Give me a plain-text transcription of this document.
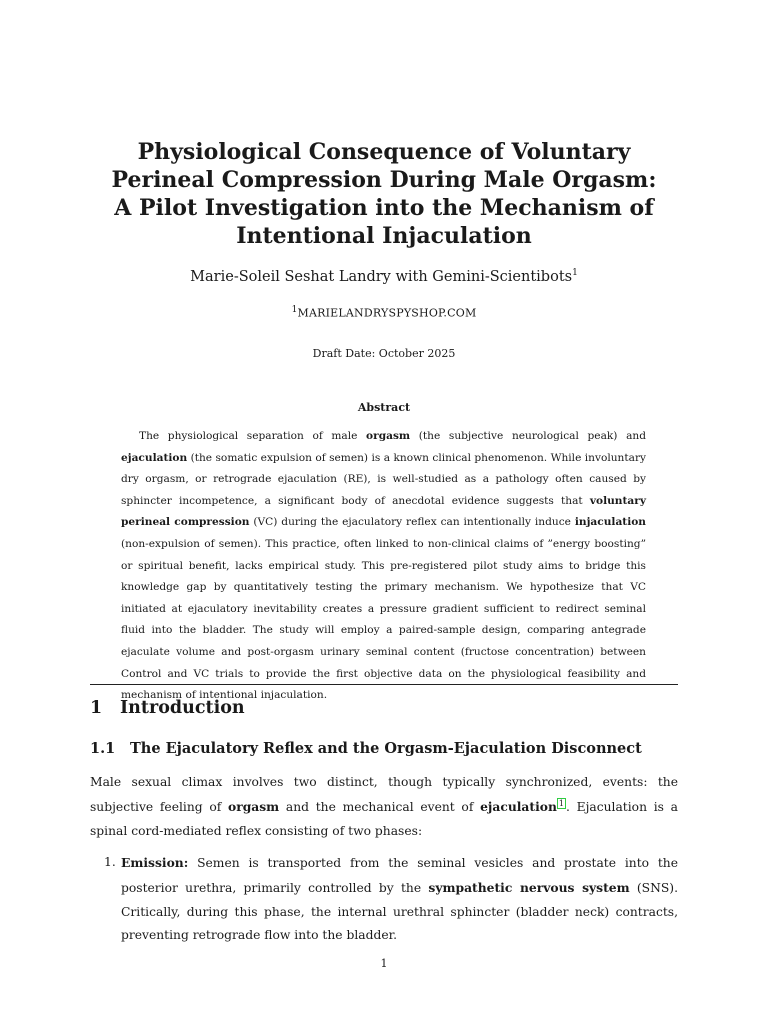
Physiological Consequence of Voluntary Perineal Compression During Male Orgasm: A Pilot Investigation into the Mechanism of Intentional Injaculation
Marie-Soleil Seshat Landry with Gemini-Scientibots$^1$
$^1$MARIELANDRYSPYSHOP.COM
Draft Date: October 2025
Abstract

The physiological separation of male orgasm (the subjective neurological peak) and ejaculation (the somatic expulsion of semen) is a known clinical phenomenon. While involuntary dry orgasm, or retrograde ejaculation (RE), is well-studied as a pathology often caused by sphincter incompetence, a significant body of anecdotal evidence suggests that voluntary perineal compression (VC) during the ejaculatory reflex can intentionally induce injaculation (non-expulsion of semen). This practice, often linked to non-clinical claims of ”energy boosting” or spiritual benefit, lacks empirical study. This pre-registered pilot study aims to bridge this knowledge gap by quantitatively testing the primary mechanism. We hypothesize that VC initiated at ejaculatory inevitability creates a pressure gradient sufficient to redirect seminal fluid into the bladder. The study will employ a paired-sample design, comparing antegrade ejaculate volume and post-orgasm urinary seminal content (fructose concentration) between Control and VC trials to provide the first objective data on the physiological feasibility and mechanism of intentional injaculation.

1 Introduction
1.1 The Ejaculatory Reflex and the Orgasm-Ejaculation Disconnect

Male sexual climax involves two distinct, though typically synchronized, events: the subjective feeling of orgasm and the mechanical event of ejaculation $^1$ . Ejaculation is a spinal cord-mediated reflex consisting of two phases:

1. Emission: Semen is transported from the seminal vesicles and prostate into the posterior urethra, primarily controlled by the sympathetic nervous system (SNS). Critically, during this phase, the internal urethral sphincter (bladder neck) contracts, preventing retrograde flow into the bladder.
1
